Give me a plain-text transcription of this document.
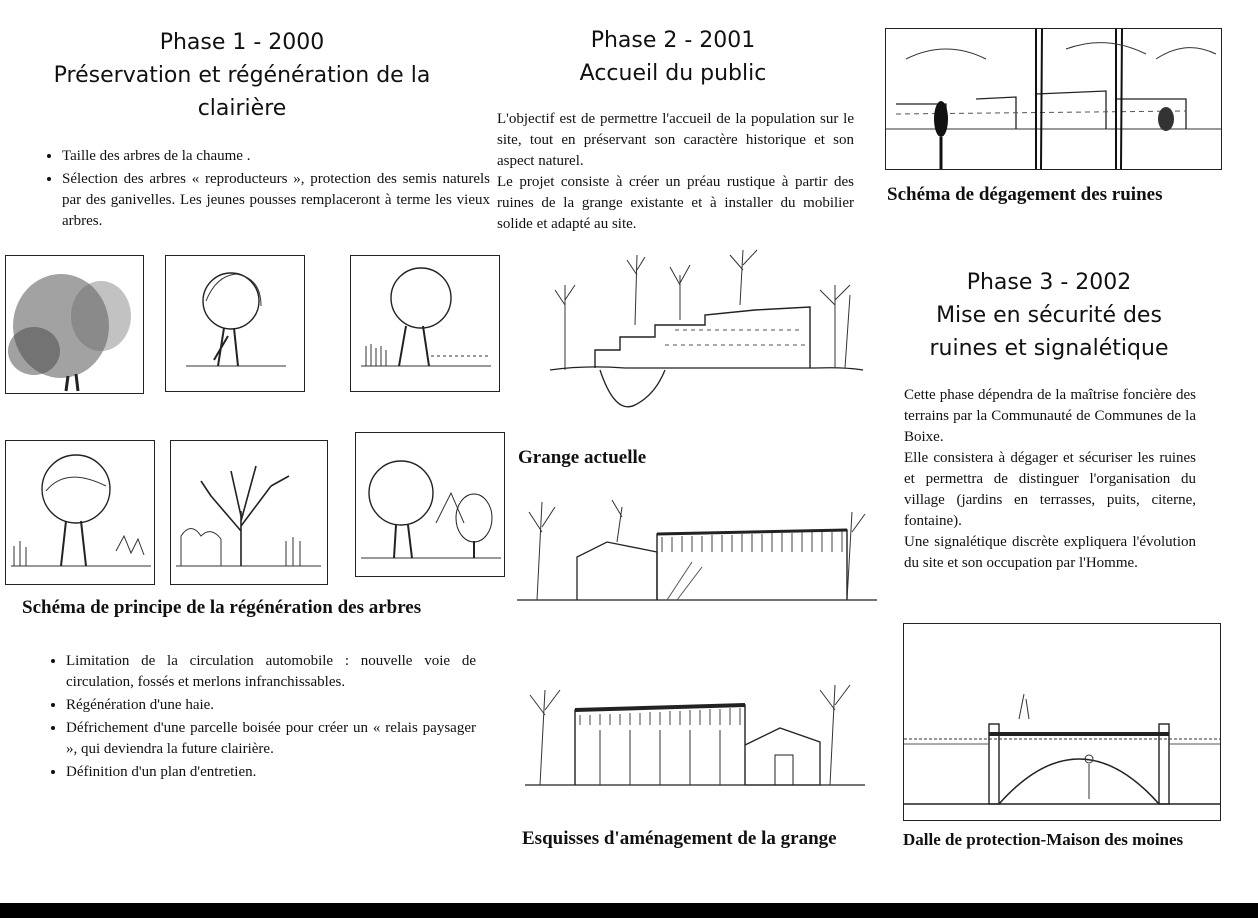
Phase 1 - 2000
Préservation et régénération de la
clairière
• Taille des arbres de la chaume .
• Sélection des arbres « reproducteurs », protection des semis naturels par des ganivelles. Les jeunes pousses remplaceront à terme les vieux arbres.
Schéma de principe de la régénération des arbres
• Limitation de la circulation automobile : nouvelle voie de circulation, fossés et merlons infranchissables.
• Régénération d'une haie.
• Défrichement d'une parcelle boisée pour créer un « relais paysager », qui deviendra la future clairière.
• Définition d'un plan d'entretien.
Phase 2 - 2001
Accueil du public
L'objectif est de permettre l'accueil de la population sur le site, tout en préservant son caractère historique et son aspect naturel.
Le projet consiste à créer un préau rustique à partir des ruines de la grange existante et à installer du mobilier solide et adapté au site.
Grange actuelle
Esquisses d'aménagement de la grange
Schéma de dégagement des ruines
Phase 3 - 2002
Mise en sécurité des
ruines et signalétique
Cette phase dépendra de la maîtrise foncière des terrains par la Communauté de Communes de la Boixe.
Elle consistera à dégager et sécuriser les ruines et permettra de distinguer l'organisation du village (jardins en terrasses, puits, citerne, fontaine).
Une signalétique discrète expliquera l'évolution du site et son occupation par l'Homme.
Dalle de protection-Maison des moines
